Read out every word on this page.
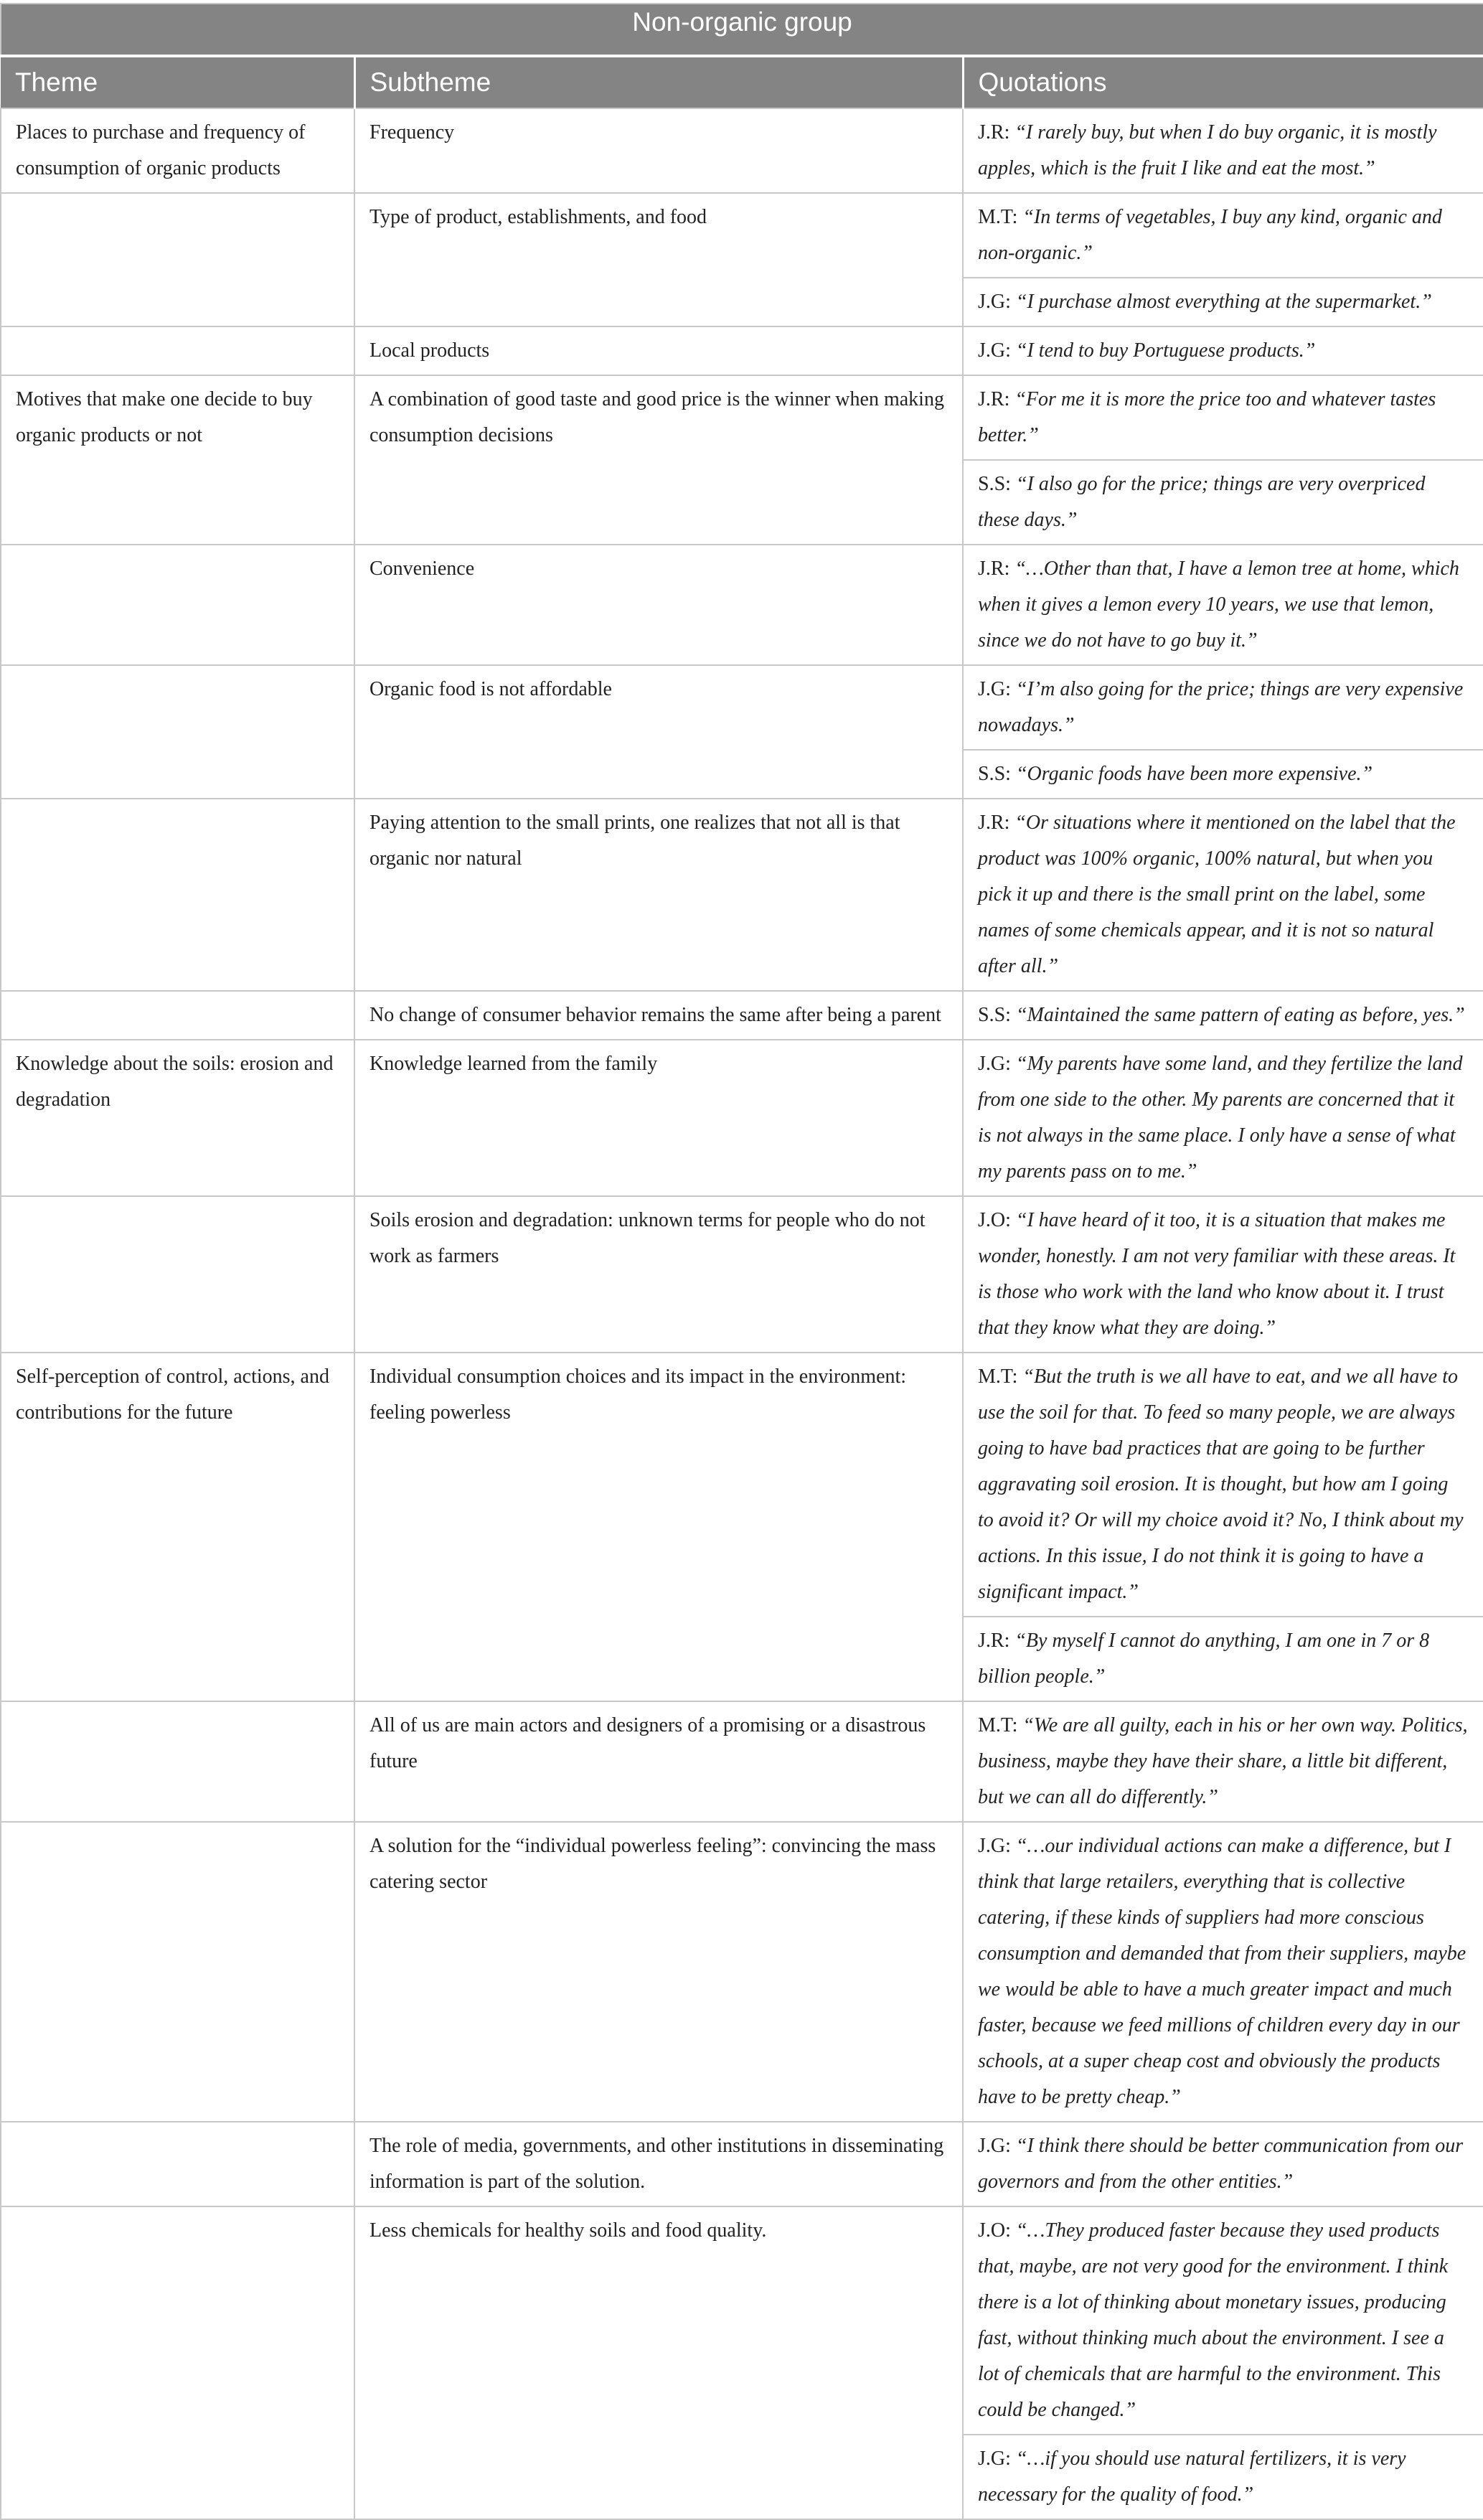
Non-organic group		
Theme	Subtheme	Quotations
Places to purchase and frequency of consumption of organic products	Frequency	J.R: “I rarely buy, but when I do buy organic, it is mostly apples, which is the fruit I like and eat the most.”
	Type of product, establishments, and food	M.T: “In terms of vegetables, I buy any kind, organic and non-organic.”
		J.G: “I purchase almost everything at the supermarket.”
	Local products	J.G: “I tend to buy Portuguese products.”
Motives that make one decide to buy organic products or not	A combination of good taste and good price is the winner when making consumption decisions	J.R: “For me it is more the price too and whatever tastes better.”
		S.S: “I also go for the price; things are very overpriced these days.”
	Convenience	J.R: “…Other than that, I have a lemon tree at home, which when it gives a lemon every 10 years, we use that lemon, since we do not have to go buy it.”
	Organic food is not affordable	J.G: “I’m also going for the price; things are very expensive nowadays.”
		S.S: “Organic foods have been more expensive.”
	Paying attention to the small prints, one realizes that not all is that organic nor natural	J.R: “Or situations where it mentioned on the label that the product was 100% organic, 100% natural, but when you pick it up and there is the small print on the label, some names of some chemicals appear, and it is not so natural after all.”
	No change of consumer behavior remains the same after being a parent	S.S: “Maintained the same pattern of eating as before, yes.”
Knowledge about the soils: erosion and degradation	Knowledge learned from the family	J.G: “My parents have some land, and they fertilize the land from one side to the other. My parents are concerned that it is not always in the same place. I only have a sense of what my parents pass on to me.”
	Soils erosion and degradation: unknown terms for people who do not work as farmers	J.O: “I have heard of it too, it is a situation that makes me wonder, honestly. I am not very familiar with these areas. It is those who work with the land who know about it. I trust that they know what they are doing.”
Self-perception of control, actions, and contributions for the future	Individual consumption choices and its impact in the environment: feeling powerless	M.T: “But the truth is we all have to eat, and we all have to use the soil for that. To feed so many people, we are always going to have bad practices that are going to be further aggravating soil erosion. It is thought, but how am I going to avoid it? Or will my choice avoid it? No, I think about my actions. In this issue, I do not think it is going to have a significant impact.”
		J.R: “By myself I cannot do anything, I am one in 7 or 8 billion people.”
	All of us are main actors and designers of a promising or a disastrous future	M.T: “We are all guilty, each in his or her own way. Politics, business, maybe they have their share, a little bit different, but we can all do differently.”
	A solution for the “individual powerless feeling”: convincing the mass catering sector	J.G: “…our individual actions can make a difference, but I think that large retailers, everything that is collective catering, if these kinds of suppliers had more conscious consumption and demanded that from their suppliers, maybe we would be able to have a much greater impact and much faster, because we feed millions of children every day in our schools, at a super cheap cost and obviously the products have to be pretty cheap.”
	The role of media, governments, and other institutions in disseminating information is part of the solution.	J.G: “I think there should be better communication from our governors and from the other entities.”
	Less chemicals for healthy soils and food quality.	J.O: “…They produced faster because they used products that, maybe, are not very good for the environment. I think there is a lot of thinking about monetary issues, producing fast, without thinking much about the environment. I see a lot of chemicals that are harmful to the environment. This could be changed.”
		J.G: “…if you should use natural fertilizers, it is very necessary for the quality of food.”
